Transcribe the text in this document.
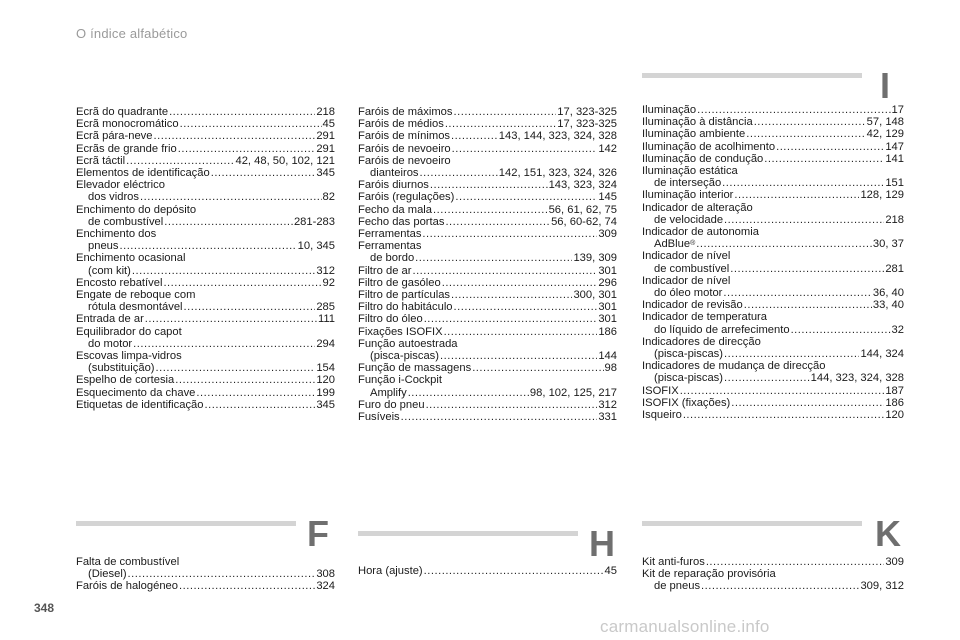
O índice alfabético
Ecrã do quadrante .....	218
Ecrã monocromático .....	45
Ecrã pára-neve .....	291
Ecrãs de grande frio .....	291
Ecrã táctil .....	42, 48, 50, 102, 121
Elementos de identificação .....	345
Elevador eléctrico
dos vidros .....	82
Enchimento do depósito
de combustível .....	281-283
Enchimento dos
pneus .....	10, 345
Enchimento ocasional
(com kit) .....	312
Encosto rebatível .....	92
Engate de reboque com
rótula desmontável .....	285
Entrada de ar .....	111
Equilibrador do capot
do motor .....	294
Escovas limpa-vidros
(substituição) .....	154
Espelho de cortesia .....	120
Esquecimento da chave .....	199
Etiquetas de identificação .....	345
Faróis de máximos .....	17, 323-325
Faróis de médios .....	17, 323-325
Faróis de mínimos .....	143, 144, 323, 324, 328
Faróis de nevoeiro .....	142
Faróis de nevoeiro
dianteiros .....	142, 151, 323, 324, 326
Faróis diurnos .....	143, 323, 324
Faróis (regulações) .....	145
Fecho da mala .....	56, 61, 62, 75
Fecho das portas .....	56, 60-62, 74
Ferramentas .....	309
Ferramentas
de bordo .....	139, 309
Filtro de ar .....	301
Filtro de gasóleo .....	296
Filtro de partículas .....	300, 301
Filtro do habitáculo .....	301
Filtro do óleo .....	301
Fixações ISOFIX .....	186
Função autoestrada
(pisca-piscas) .....	144
Função de massagens .....	98
Função i-Cockpit
Amplify .....	98, 102, 125, 217
Furo do pneu .....	312
Fusíveis .....	331
Iluminação .....	17
Iluminação à distância .....	57, 148
Iluminação ambiente .....	42, 129
Iluminação de acolhimento .....	147
Iluminação de condução .....	141
Iluminação estática
de interseção .....	151
Iluminação interior .....	128, 129
Indicador de alteração
de velocidade .....	218
Indicador de autonomia
AdBlue ® .....	30, 37
Indicador de nível
de combustível .....	281
Indicador de nível
do óleo motor .....	36, 40
Indicador de revisão .....	33, 40
Indicador de temperatura
do líquido de arrefecimento .....	32
Indicadores de direcção
(pisca-piscas) .....	144, 324
Indicadores de mudança de direcção
(pisca-piscas) .....	144, 323, 324, 328
ISOFIX .....	187
ISOFIX (fixações) .....	186
Isqueiro .....	120
I
F	H	K
Falta de combustível
(Diesel) .....	308
Faróis de halogéneo .....	324
Hora (ajuste) .....	45
Kit anti-furos .....	309
Kit de reparação provisória
de pneus .....	309, 312
348
carmanualsonline.info
